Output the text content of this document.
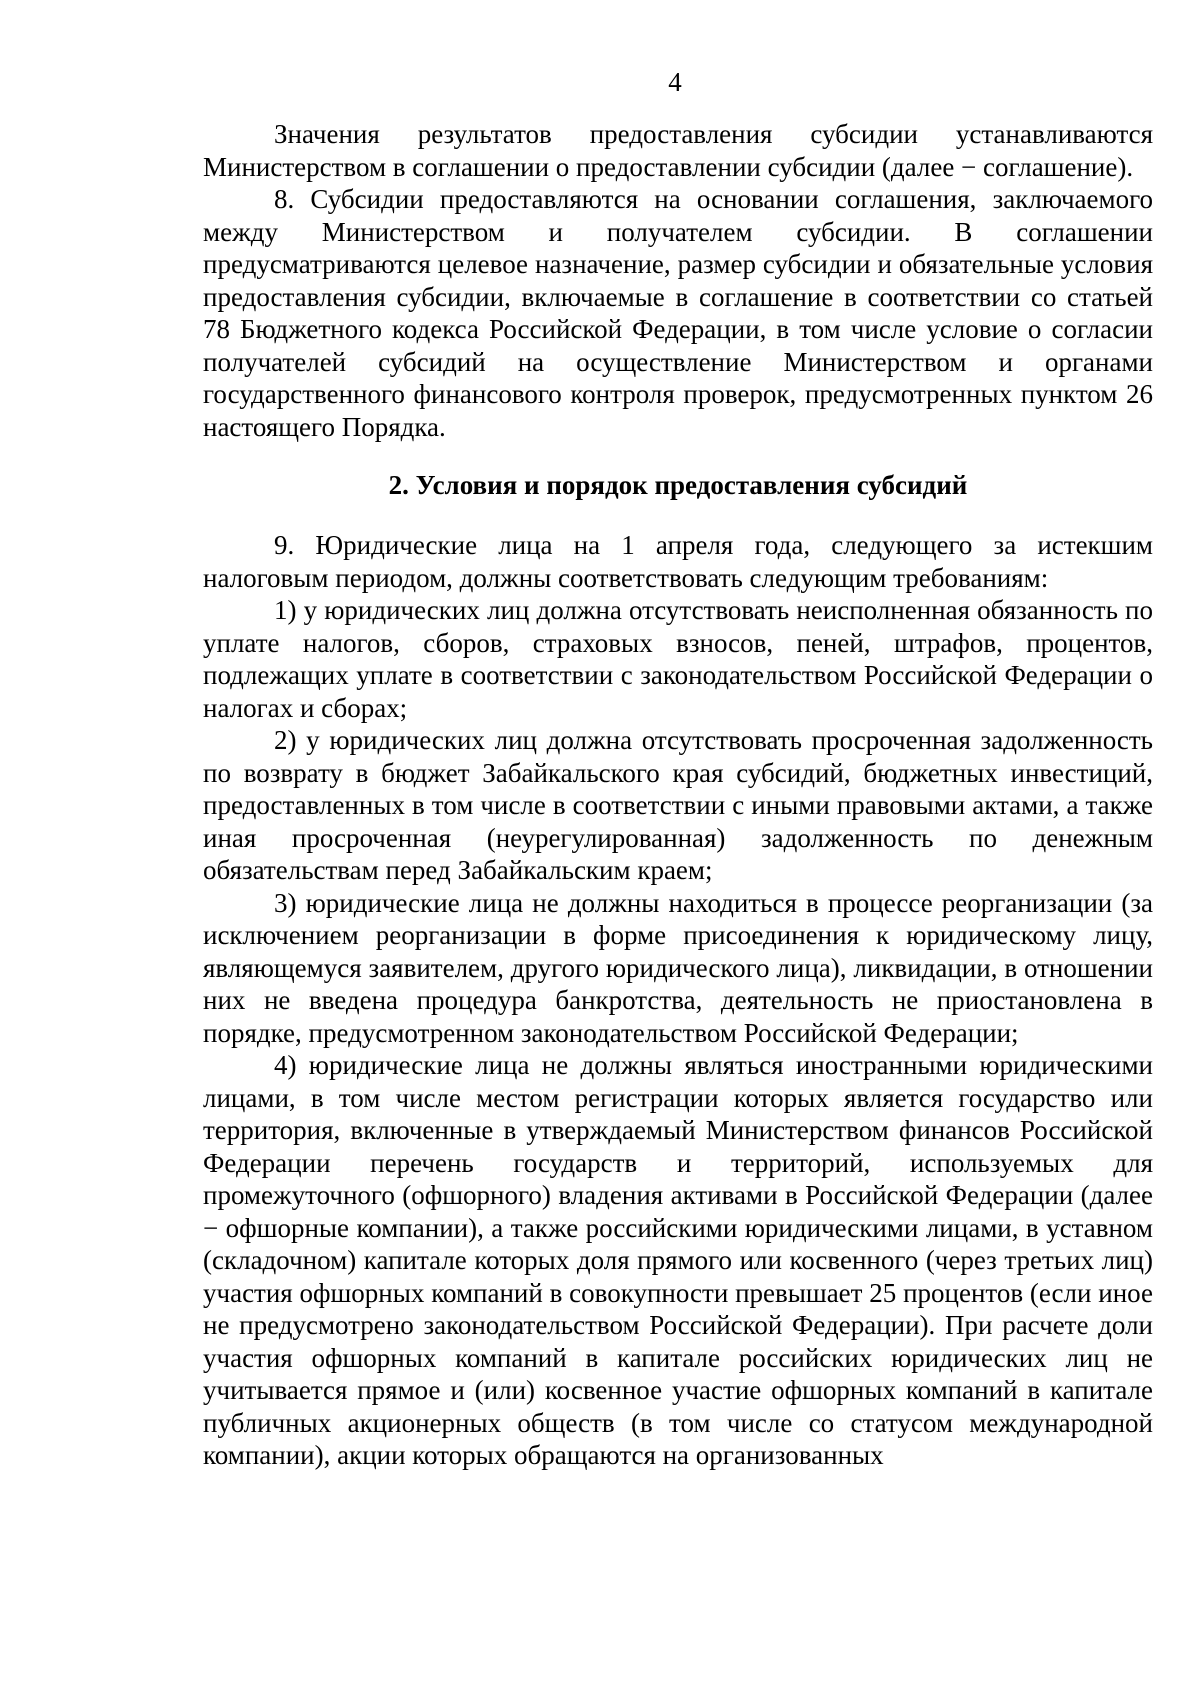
4

Значения результатов предоставления субсидии устанавливаются Министерством в соглашении о предоставлении субсидии (далее − соглашение).

8. Субсидии предоставляются на основании соглашения, заключаемого между Министерством и получателем субсидии. В соглашении предусматриваются целевое назначение, размер субсидии и обязательные условия предоставления субсидии, включаемые в соглашение в соответствии со статьей 78 Бюджетного кодекса Российской Федерации, в том числе условие о согласии получателей субсидий на осуществление Министерством и органами государственного финансового контроля проверок, предусмотренных пунктом 26 настоящего Порядка.

2. Условия и порядок предоставления субсидий

9. Юридические лица на 1 апреля года, следующего за истекшим налоговым периодом, должны соответствовать следующим требованиям:

1) у юридических лиц должна отсутствовать неисполненная обязанность по уплате налогов, сборов, страховых взносов, пеней, штрафов, процентов, подлежащих уплате в соответствии с законодательством Российской Федерации о налогах и сборах;

2) у юридических лиц должна отсутствовать просроченная задолженность по возврату в бюджет Забайкальского края субсидий, бюджетных инвестиций, предоставленных в том числе в соответствии с иными правовыми актами, а также иная просроченная (неурегулированная) задолженность по денежным обязательствам перед Забайкальским краем;

3) юридические лица не должны находиться в процессе реорганизации (за исключением реорганизации в форме присоединения к юридическому лицу, являющемуся заявителем, другого юридического лица), ликвидации, в отношении них не введена процедура банкротства, деятельность не приостановлена в порядке, предусмотренном законодательством Российской Федерации;

4) юридические лица не должны являться иностранными юридическими лицами, в том числе местом регистрации которых является государство или территория, включенные в утверждаемый Министерством финансов Российской Федерации перечень государств и территорий, используемых для промежуточного (офшорного) владения активами в Российской Федерации (далее − офшорные компании), а также российскими юридическими лицами, в уставном (складочном) капитале которых доля прямого или косвенного (через третьих лиц) участия офшорных компаний в совокупности превышает 25 процентов (если иное не предусмотрено законодательством Российской Федерации). При расчете доли участия офшорных компаний в капитале российских юридических лиц не учитывается прямое и (или) косвенное участие офшорных компаний в капитале публичных акционерных обществ (в том числе со статусом международной компании), акции которых обращаются на организованных
